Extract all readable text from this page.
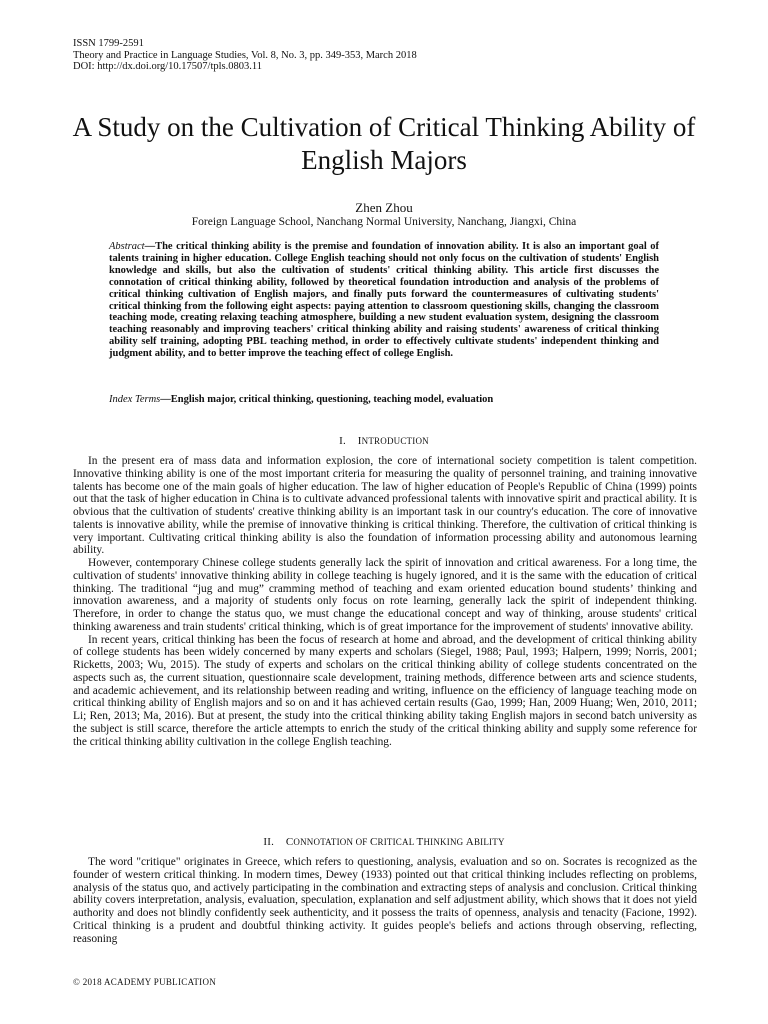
ISSN 1799-2591
Theory and Practice in Language Studies, Vol. 8, No. 3, pp. 349-353, March 2018
DOI: http://dx.doi.org/10.17507/tpls.0803.11
A Study on the Cultivation of Critical Thinking Ability of English Majors
Zhen Zhou
Foreign Language School, Nanchang Normal University, Nanchang, Jiangxi, China

Abstract—The critical thinking ability is the premise and foundation of innovation ability. It is also an important goal of talents training in higher education. College English teaching should not only focus on the cultivation of students' English knowledge and skills, but also the cultivation of students' critical thinking ability. This article first discusses the connotation of critical thinking ability, followed by theoretical foundation introduction and analysis of the problems of critical thinking cultivation of English majors, and finally puts forward the countermeasures of cultivating students' critical thinking from the following eight aspects: paying attention to classroom questioning skills, changing the classroom teaching mode, creating relaxing teaching atmosphere, building a new student evaluation system, designing the classroom teaching reasonably and improving teachers' critical thinking ability and raising students' awareness of critical thinking ability self training, adopting PBL teaching method, in order to effectively cultivate students' independent thinking and judgment ability, and to better improve the teaching effect of college English.

Index Terms—English major, critical thinking, questioning, teaching model, evaluation

I. INTRODUCTION

In the present era of mass data and information explosion, the core of international society competition is talent competition. Innovative thinking ability is one of the most important criteria for measuring the quality of personnel training, and training innovative talents has become one of the main goals of higher education. The law of higher education of People's Republic of China (1999) points out that the task of higher education in China is to cultivate advanced professional talents with innovative spirit and practical ability. It is obvious that the cultivation of students' creative thinking ability is an important task in our country's education. The core of innovative talents is innovative ability, while the premise of innovative thinking is critical thinking. Therefore, the cultivation of critical thinking is very important. Cultivating critical thinking ability is also the foundation of information processing ability and autonomous learning ability.

However, contemporary Chinese college students generally lack the spirit of innovation and critical awareness. For a long time, the cultivation of students' innovative thinking ability in college teaching is hugely ignored, and it is the same with the education of critical thinking. The traditional “jug and mug” cramming method of teaching and exam oriented education bound students’ thinking and innovation awareness, and a majority of students only focus on rote learning, generally lack the spirit of independent thinking. Therefore, in order to change the status quo, we must change the educational concept and way of thinking, arouse students' critical thinking awareness and train students' critical thinking, which is of great importance for the improvement of students' innovative ability.

In recent years, critical thinking has been the focus of research at home and abroad, and the development of critical thinking ability of college students has been widely concerned by many experts and scholars (Siegel, 1988; Paul, 1993; Halpern, 1999; Norris, 2001; Ricketts, 2003; Wu, 2015). The study of experts and scholars on the critical thinking ability of college students concentrated on the aspects such as, the current situation, questionnaire scale development, training methods, difference between arts and science students, and academic achievement, and its relationship between reading and writing, influence on the efficiency of language teaching mode on critical thinking ability of English majors and so on and it has achieved certain results (Gao, 1999; Han, 2009 Huang; Wen, 2010, 2011; Li; Ren, 2013; Ma, 2016). But at present, the study into the critical thinking ability taking English majors in second batch university as the subject is still scarce, therefore the article attempts to enrich the study of the critical thinking ability and supply some reference for the critical thinking ability cultivation in the college English teaching.

II. CONNOTATION OF CRITICAL THINKING ABILITY

The word "critique" originates in Greece, which refers to questioning, analysis, evaluation and so on. Socrates is recognized as the founder of western critical thinking. In modern times, Dewey (1933) pointed out that critical thinking includes reflecting on problems, analysis of the status quo, and actively participating in the combination and extracting steps of analysis and conclusion. Critical thinking ability covers interpretation, analysis, evaluation, speculation, explanation and self adjustment ability, which shows that it does not yield authority and does not blindly confidently seek authenticity, and it possess the traits of openness, analysis and tenacity (Facione, 1992). Critical thinking is a prudent and doubtful thinking activity. It guides people's beliefs and actions through observing, reflecting, reasoning

© 2018 ACADEMY PUBLICATION
